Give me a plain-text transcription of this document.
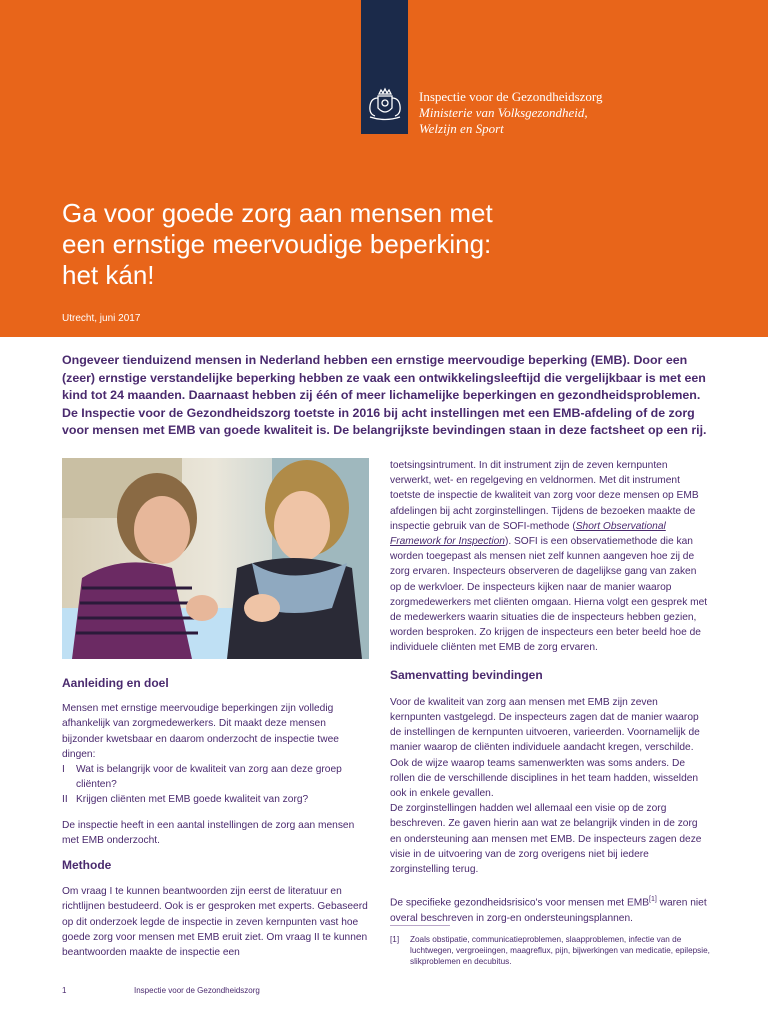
Inspectie voor de Gezondheidszorg
Ministerie van Volksgezondheid,
Welzijn en Sport
Ga voor goede zorg aan mensen met
een ernstige meervoudige beperking:
het kán!
Utrecht, juni 2017

Ongeveer tienduizend mensen in Nederland hebben een ernstige meervoudige beperking (EMB). Door een (zeer) ernstige verstandelijke beperking hebben ze vaak een ontwikkelingsleeftijd die vergelijkbaar is met een kind tot 24 maanden. Daarnaast hebben zij één of meer lichamelijke beperkingen en gezondheidsproblemen. De Inspectie voor de Gezondheidszorg toetste in 2016 bij acht instellingen met een EMB-afdeling of de zorg voor mensen met EMB van goede kwaliteit is. De belangrijkste bevindingen staan in deze factsheet op een rij.

Aanleiding en doel

Mensen met ernstige meervoudige beperkingen zijn volledig afhankelijk van zorgmedewerkers. Dit maakt deze mensen bijzonder kwetsbaar en daarom onderzocht de inspectie twee dingen:

I	Wat is belangrijk voor de kwaliteit van zorg aan deze groep cliënten?
II Krijgen cliënten met EMB goede kwaliteit van zorg?

De inspectie heeft in een aantal instellingen de zorg aan mensen met EMB onderzocht.

Methode

Om vraag I te kunnen beantwoorden zijn eerst de literatuur en richtlijnen bestudeerd. Ook is er gesproken met experts. Gebaseerd op dit onderzoek legde de inspectie in zeven kernpunten vast hoe goede zorg voor mensen met EMB eruit ziet. Om vraag II te kunnen beantwoorden maakte de inspectie een

toetsingsintrument. In dit instrument zijn de zeven kernpunten verwerkt, wet- en regelgeving en veldnormen. Met dit instrument toetste de inspectie de kwaliteit van zorg voor deze mensen op EMB afdelingen bij acht zorginstellingen. Tijdens de bezoeken maakte de inspectie gebruik van de SOFI-methode (Short Observational Framework for Inspection). SOFI is een observatiemethode die kan worden toegepast als mensen niet zelf kunnen aangeven hoe zij de zorg ervaren. Inspecteurs observeren de dagelijkse gang van zaken op de werkvloer. De inspecteurs kijken naar de manier waarop zorgmedewerkers met cliënten omgaan. Hierna volgt een gesprek met de medewerkers waarin situaties die de inspecteurs hebben gezien, worden besproken. Zo krijgen de inspecteurs een beter beeld hoe de individuele cliënten met EMB de zorg ervaren.

Samenvatting bevindingen

Voor de kwaliteit van zorg aan mensen met EMB zijn zeven kernpunten vastgelegd. De inspecteurs zagen dat de manier waarop de instellingen de kernpunten uitvoeren, varieerden. Voornamelijk de manier waarop de cliënten individuele aandacht kregen, verschilde. Ook de wijze waarop teams samenwerkten was soms anders. De rollen die de verschillende disciplines in het team hadden, wisselden ook in enkele gevallen.

De zorginstellingen hadden wel allemaal een visie op de zorg beschreven. Ze gaven hierin aan wat ze belangrijk vinden in de zorg en ondersteuning aan mensen met EMB. De inspecteurs zagen deze visie in de uitvoering van de zorg overigens niet bij iedere zorginstelling terug.

De specifieke gezondheidsrisico's voor mensen met EMB[1] waren niet overal beschreven in zorg-en ondersteuningsplannen.

[1]	Zoals obstipatie, communicatieproblemen, slaapproblemen, infectie van de luchtwegen, vergroeiingen, maagreflux, pijn, bijwerkingen van medicatie, epilepsie, slikproblemen en decubitus.
1	Inspectie voor de Gezondheidszorg
